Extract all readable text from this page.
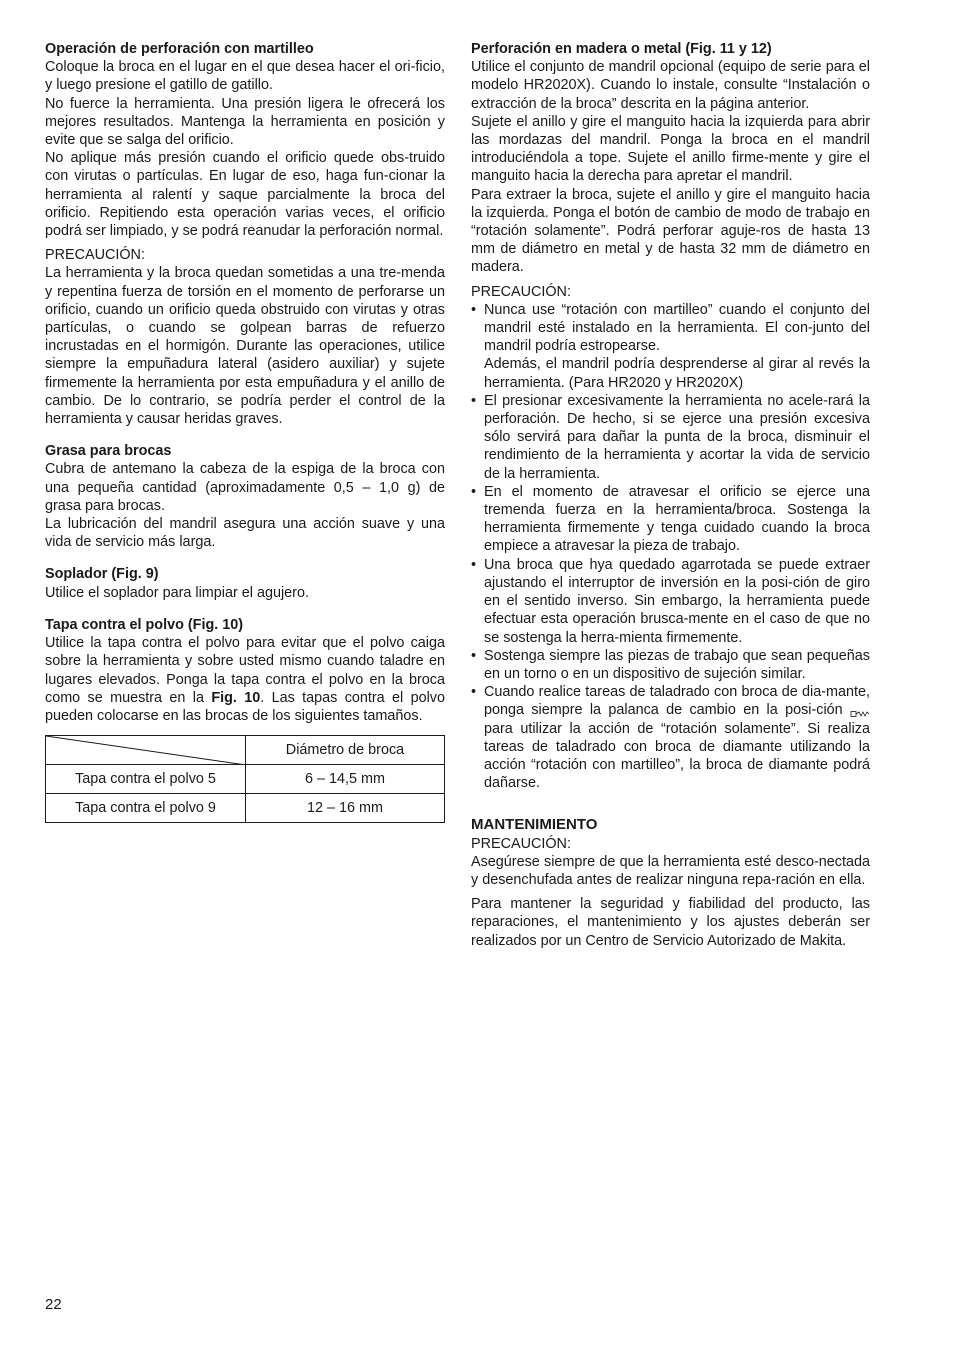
Operación de perforación con martilleo

Coloque la broca en el lugar en el que desea hacer el ori-ficio, y luego presione el gatillo de gatillo.

No fuerce la herramienta. Una presión ligera le ofrecerá los mejores resultados. Mantenga la herramienta en posición y evite que se salga del orificio.

No aplique más presión cuando el orificio quede obs-truido con virutas o partículas. En lugar de eso, haga fun-cionar la herramienta al ralentí y saque parcialmente la broca del orificio. Repitiendo esta operación varias veces, el orificio podrá ser limpiado, y se podrá reanudar la perforación normal.

PRECAUCIÓN:

La herramienta y la broca quedan sometidas a una tre-menda y repentina fuerza de torsión en el momento de perforarse un orificio, cuando un orificio queda obstruido con virutas y otras partículas, o cuando se golpean barras de refuerzo incrustadas en el hormigón. Durante las operaciones, utilice siempre la empuñadura lateral (asidero auxiliar) y sujete firmemente la herramienta por esta empuñadura y el anillo de cambio. De lo contrario, se podría perder el control de la herramienta y causar heridas graves.

Grasa para brocas

Cubra de antemano la cabeza de la espiga de la broca con una pequeña cantidad (aproximadamente 0,5 – 1,0 g) de grasa para brocas.

La lubricación del mandril asegura una acción suave y una vida de servicio más larga.

Soplador (Fig. 9)

Utilice el soplador para limpiar el agujero.

Tapa contra el polvo (Fig. 10)

Utilice la tapa contra el polvo para evitar que el polvo caiga sobre la herramienta y sobre usted mismo cuando taladre en lugares elevados. Ponga la tapa contra el polvo en la broca como se muestra en la Fig. 10. Las tapas contra el polvo pueden colocarse en las brocas de los siguientes tamaños.

	Diámetro de broca
Tapa contra el polvo 5	6 – 14,5 mm
Tapa contra el polvo 9	12 – 16 mm

Perforación en madera o metal (Fig. 11 y 12)

Utilice el conjunto de mandril opcional (equipo de serie para el modelo HR2020X). Cuando lo instale, consulte “Instalación o extracción de la broca” descrita en la página anterior.

Sujete el anillo y gire el manguito hacia la izquierda para abrir las mordazas del mandril. Ponga la broca en el mandril introduciéndola a tope. Sujete el anillo firme-mente y gire el manguito hacia la derecha para apretar el mandril.

Para extraer la broca, sujete el anillo y gire el manguito hacia la izquierda. Ponga el botón de cambio de modo de trabajo en “rotación solamente”. Podrá perforar aguje-ros de hasta 13 mm de diámetro en metal y de hasta 32 mm de diámetro en madera.

PRECAUCIÓN:

• Nunca use “rotación con martilleo” cuando el conjunto del mandril esté instalado en la herramienta. El con-junto del mandril podría estropearse.
Además, el mandril podría desprenderse al girar al revés la herramienta. (Para HR2020 y HR2020X)
• El presionar excesivamente la herramienta no acele-rará la perforación. De hecho, si se ejerce una presión excesiva sólo servirá para dañar la punta de la broca, disminuir el rendimiento de la herramienta y acortar la vida de servicio de la herramienta.
• En el momento de atravesar el orificio se ejerce una tremenda fuerza en la herramienta/broca. Sostenga la herramienta firmemente y tenga cuidado cuando la broca empiece a atravesar la pieza de trabajo.
• Una broca que hya quedado agarrotada se puede extraer ajustando el interruptor de inversión en la posi-ción de giro en el sentido inverso. Sin embargo, la herramienta puede efectuar esta operación brusca-mente en el caso de que no se sostenga la herra-mienta firmemente.
• Sostenga siempre las piezas de trabajo que sean pequeñas en un torno o en un dispositivo de sujeción similar.
• Cuando realice tareas de taladrado con broca de dia-mante, ponga siempre la palanca de cambio en la posi-ción  para utilizar la acción de “rotación solamente”. Si realiza tareas de taladrado con broca de diamante utilizando la acción “rotación con martilleo”, la broca de diamante podrá dañarse.

MANTENIMIENTO

PRECAUCIÓN:

Asegúrese siempre de que la herramienta esté desco-nectada y desenchufada antes de realizar ninguna repa-ración en ella.

Para mantener la seguridad y fiabilidad del producto, las reparaciones, el mantenimiento y los ajustes deberán ser realizados por un Centro de Servicio Autorizado de Makita.

22
